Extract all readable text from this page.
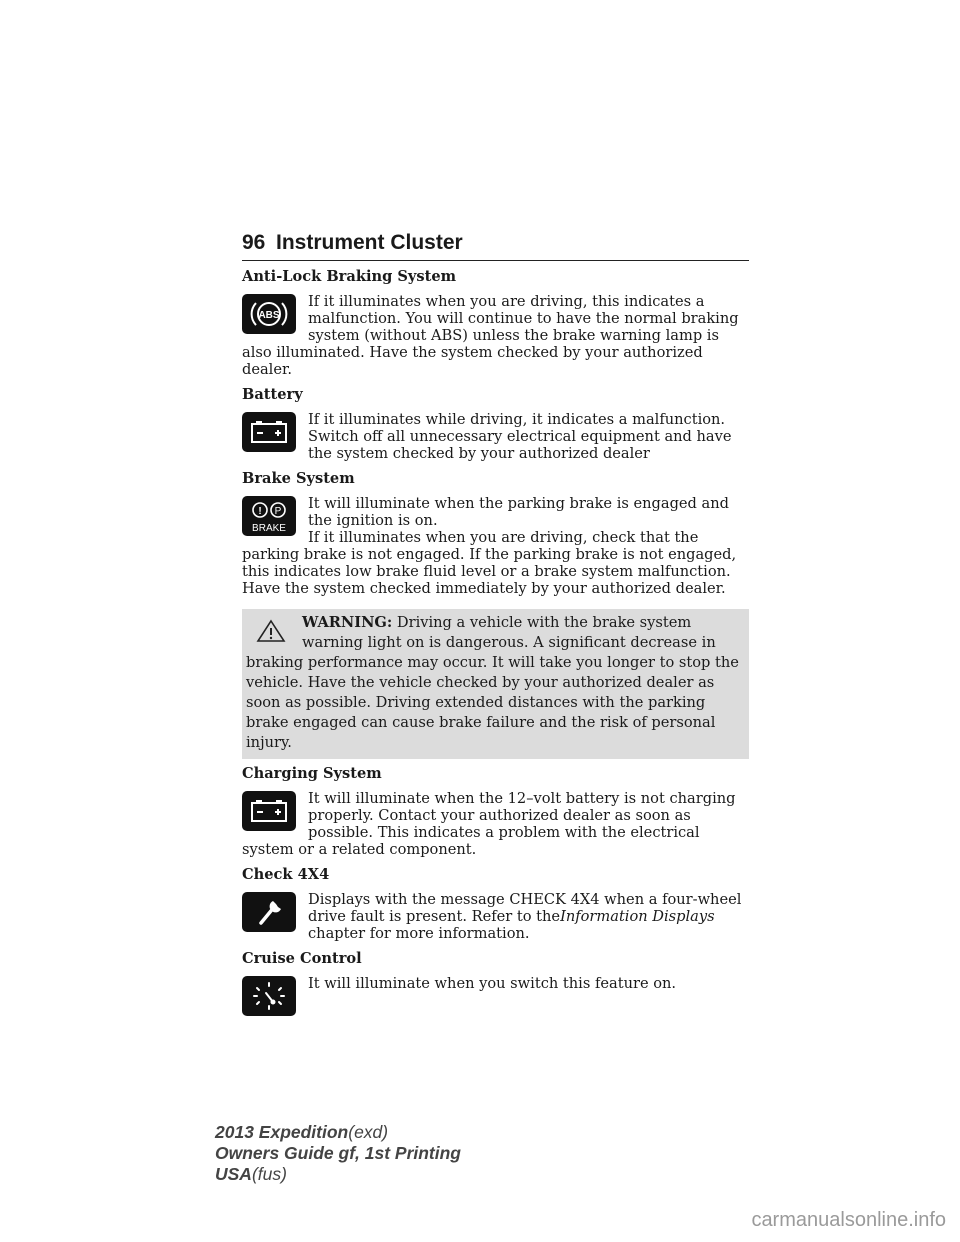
96 Instrument Cluster

Anti-Lock Braking System

ABS

If it illuminates when you are driving, this indicates a malfunction. You will continue to have the normal braking system (without ABS) unless the brake warning lamp is also illuminated. Have the system checked by your authorized dealer.

Battery

If it illuminates while driving, it indicates a malfunction. Switch off all unnecessary electrical equipment and have the system checked by your authorized dealer

Brake System

! P
BRAKE

It will illuminate when the parking brake is engaged and the ignition is on.

If it illuminates when you are driving, check that the parking brake is not engaged. If the parking brake is not engaged, this indicates low brake fluid level or a brake system malfunction. Have the system checked immediately by your authorized dealer.

WARNING: Driving a vehicle with the brake system warning light on is dangerous. A significant decrease in braking performance may occur. It will take you longer to stop the vehicle. Have the vehicle checked by your authorized dealer as soon as possible. Driving extended distances with the parking brake engaged can cause brake failure and the risk of personal injury.

Charging System

It will illuminate when the 12–volt battery is not charging properly. Contact your authorized dealer as soon as possible. This indicates a problem with the electrical system or a related component.

Check 4X4

Displays with the message CHECK 4X4 when a four-wheel drive fault is present. Refer to theInformation Displays chapter for more information.

Cruise Control

It will illuminate when you switch this feature on.

2013 Expedition(exd)
Owners Guide gf, 1st Printing
USA(fus)
carmanualsonline.info
